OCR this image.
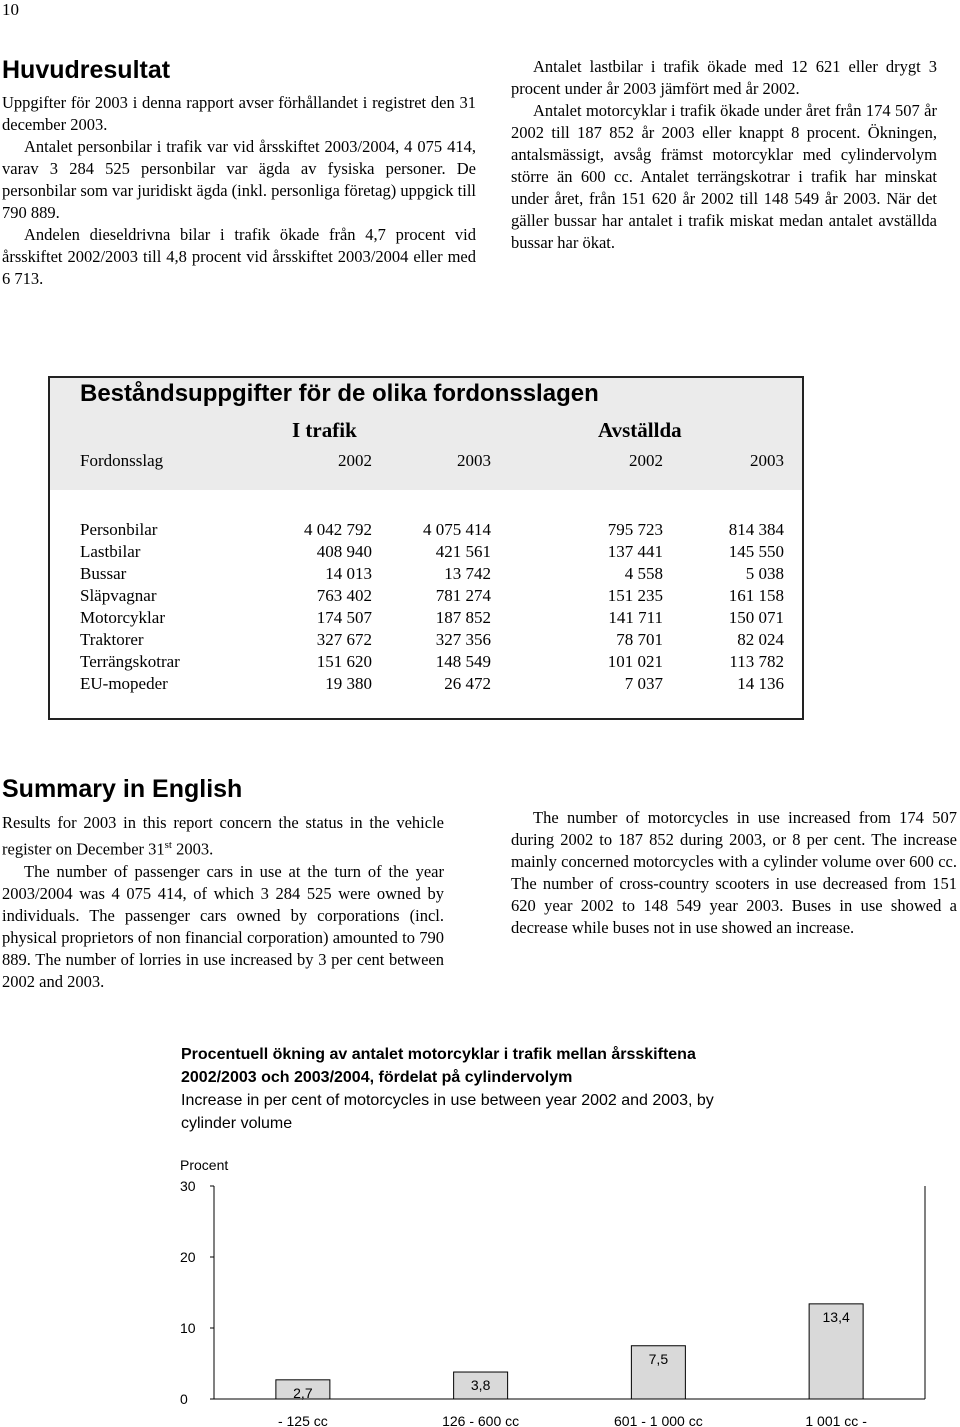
10
Huvudresultat

Uppgifter för 2003 i denna rapport avser förhållandet i registret den 31 december 2003.

Antalet personbilar i trafik var vid årsskiftet 2003/2004, 4 075 414, varav 3 284 525 personbilar var ägda av fysiska personer. De personbilar som var juridiskt ägda (inkl. personliga företag) uppgick till 790 889.

Andelen dieseldrivna bilar i trafik ökade från 4,7 procent vid årsskiftet 2002/2003 till 4,8 procent vid årsskiftet 2003/2004 eller med 6 713.

Antalet lastbilar i trafik ökade med 12 621 eller drygt 3 procent under år 2003 jämfört med år 2002.

Antalet motorcyklar i trafik ökade under året från 174 507 år 2002 till 187 852 år 2003 eller knappt 8 procent. Ökningen, antalsmässigt, avsåg främst motorcyklar med cylindervolym större än 600 cc. Antalet terrängskotrar i trafik har minskat under året, från 151 620 år 2002 till 148 549 år 2003. När det gäller bussar har antalet i trafik miskat medan antalet avställda bussar har ökat.

Beståndsuppgifter för de olika fordonsslagen
I trafik	Avställda
Fordonsslag	2002	2003	2002	2003
Personbilar	4 042 792	4 075 414	795 723	814 384
Lastbilar	408 940	421 561	137 441	145 550
Bussar	14 013	13 742	4 558	5 038
Släpvagnar	763 402	781 274	151 235	161 158
Motorcyklar	174 507	187 852	141 711	150 071
Traktorer	327 672	327 356	78 701	82 024
Terrängskotrar	151 620	148 549	101 021	113 782
EU-mopeder	19 380	26 472	7 037	14 136
Summary in English

Results for 2003 in this report concern the status in the vehicle register on December 31st 2003.

The number of passenger cars in use at the turn of the year 2003/2004 was 4 075 414, of which 3 284 525 were owned by individuals. The passenger cars owned by corporations (incl. physical proprietors of non financial corporation) amounted to 790 889. The number of lorries in use increased by 3 per cent between 2002 and 2003.

The number of motorcycles in use increased from 174 507 during 2002 to 187 852 during 2003, or 8 per cent. The increase mainly concerned motorcycles with a cylinder volume over 600 cc. The number of cross-country scooters in use decreased from 151 620 year 2002 to 148 549 year 2003. Buses in use showed a decrease while buses not in use showed an increase.

Procentuell ökning av antalet motorcyklar i trafik mellan årsskiftena 2002/2003 och 2003/2004, fördelat på cylindervolym
Increase in per cent of motorcycles in use between year 2002 and 2003, by cylinder volume
Procent
0
10
20
30
2,7
- 125 cc
3,8
126 - 600 cc
7,5
601 - 1 000 cc
13,4
1 001 cc -
